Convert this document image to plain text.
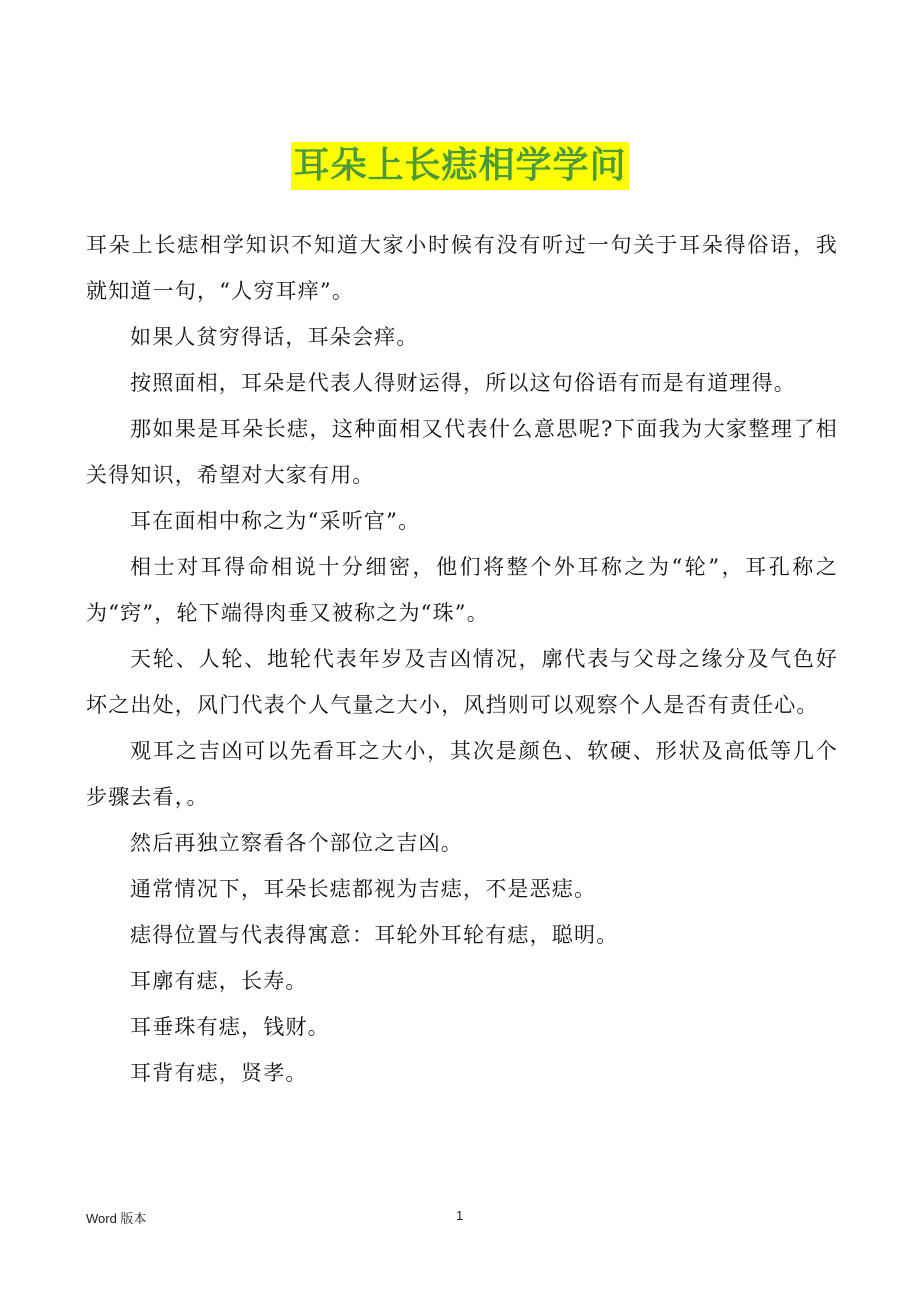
耳朵上长痣相学学问

耳朵上长痣相学知识不知道大家小时候有没有听过一句关于耳朵得俗语，我就知道一句，“人穷耳痒”。

如果人贫穷得话，耳朵会痒。

按照面相，耳朵是代表人得财运得，所以这句俗语有而是有道理得。

那如果是耳朵长痣，这种面相又代表什么意思呢?下面我为大家整理了相关得知识，希望对大家有用。

耳在面相中称之为“采听官”。

相士对耳得命相说十分细密，他们将整个外耳称之为“轮”，耳孔称之为“窍”，轮下端得肉垂又被称之为“珠”。

天轮、人轮、地轮代表年岁及吉凶情况，廓代表与父母之缘分及气色好坏之出处，风门代表个人气量之大小，风挡则可以观察个人是否有责任心。

观耳之吉凶可以先看耳之大小，其次是颜色、软硬、形状及高低等几个步骤去看，。

然后再独立察看各个部位之吉凶。

通常情况下，耳朵长痣都视为吉痣，不是恶痣。

痣得位置与代表得寓意：耳轮外耳轮有痣，聪明。

耳廓有痣，长寿。

耳垂珠有痣，钱财。

耳背有痣，贤孝。

Word 版本	1
